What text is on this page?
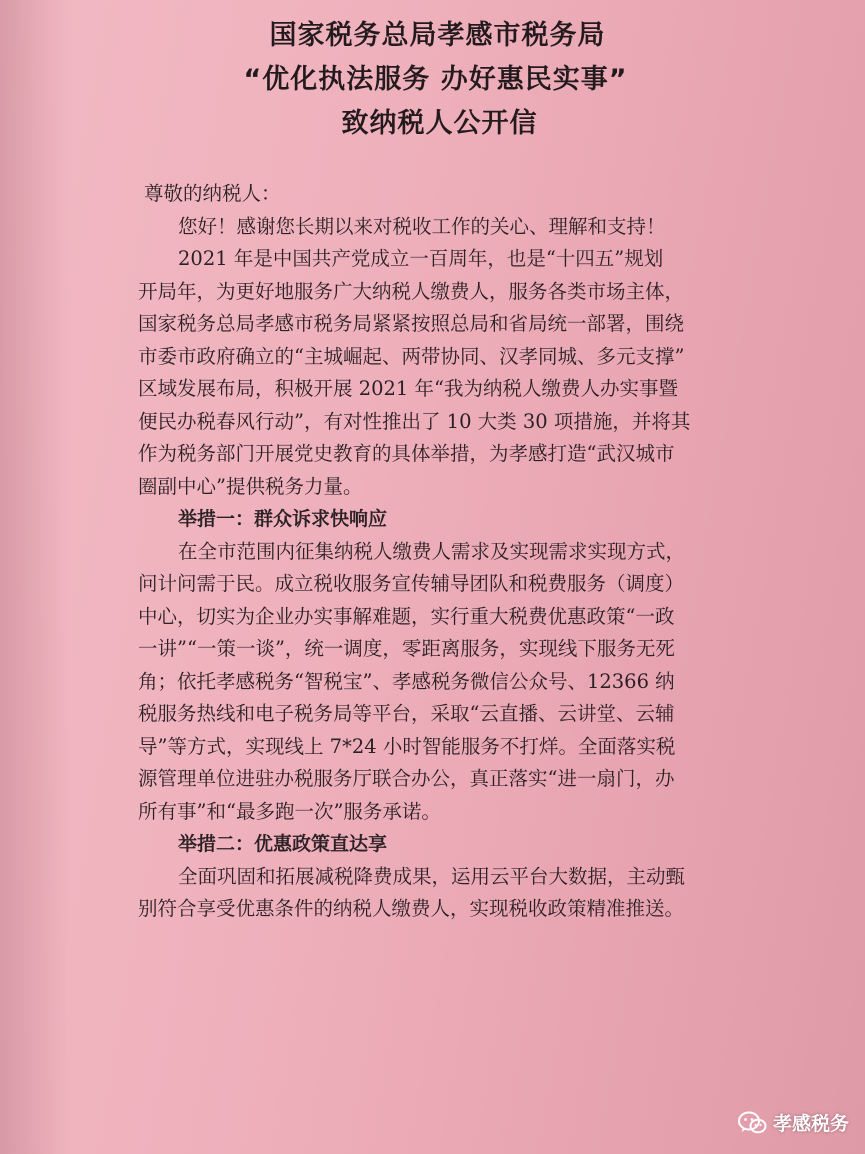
国家税务总局孝感市税务局
“优化执法服务 办好惠民实事”
致纳税人公开信
尊敬的纳税人：
您好！感谢您长期以来对税收工作的关心、理解和支持！
2021 年是中国共产党成立一百周年，也是“十四五”规划
开局年，为更好地服务广大纳税人缴费人，服务各类市场主体，
国家税务总局孝感市税务局紧紧按照总局和省局统一部署，围绕
市委市政府确立的“主城崛起、两带协同、汉孝同城、多元支撑”
区域发展布局，积极开展 2021 年“我为纳税人缴费人办实事暨
便民办税春风行动”，有对性推出了 10 大类 30 项措施，并将其
作为税务部门开展党史教育的具体举措，为孝感打造“武汉城市
圈副中心”提供税务力量。
举措一：群众诉求快响应
在全市范围内征集纳税人缴费人需求及实现需求实现方式，
问计问需于民。成立税收服务宣传辅导团队和税费服务（调度）
中心，切实为企业办实事解难题，实行重大税费优惠政策“一政
一讲”“一策一谈”，统一调度，零距离服务，实现线下服务无死
角；依托孝感税务“智税宝”、孝感税务微信公众号、12366 纳
税服务热线和电子税务局等平台，采取“云直播、云讲堂、云辅
导”等方式，实现线上 7*24 小时智能服务不打烊。全面落实税
源管理单位进驻办税服务厅联合办公，真正落实“进一扇门，办
所有事”和“最多跑一次”服务承诺。
举措二：优惠政策直达享
全面巩固和拓展减税降费成果，运用云平台大数据，主动甄
别符合享受优惠条件的纳税人缴费人，实现税收政策精准推送。
孝感税务
